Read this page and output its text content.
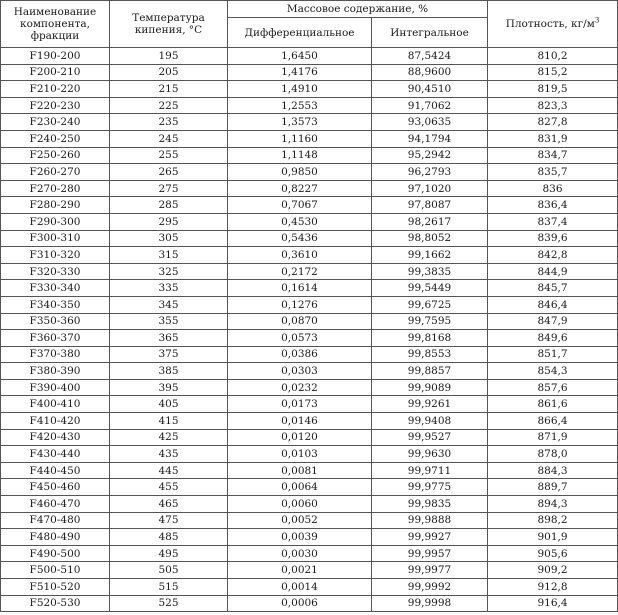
Наименование компонента, фракции	Температура кипения, °С	Массовое содержание, %		Плотность, $кг/м^3$
		Дифференциальное	Интегральное	
F190-200	195	1,6450	87,5424	810,2
F200-210	205	1,4176	88,9600	815,2
F210-220	215	1,4910	90,4510	819,5
F220-230	225	1,2553	91,7062	823,3
F230-240	235	1,3573	93,0635	827,8
F240-250	245	1,1160	94,1794	831,9
F250-260	255	1,1148	95,2942	834,7
F260-270	265	0,9850	96,2793	835,7
F270-280	275	0,8227	97,1020	836
F280-290	285	0,7067	97,8087	836,4
F290-300	295	0,4530	98,2617	837,4
F300-310	305	0,5436	98,8052	839,6
F310-320	315	0,3610	99,1662	842,8
F320-330	325	0,2172	99,3835	844,9
F330-340	335	0,1614	99,5449	845,7
F340-350	345	0,1276	99,6725	846,4
F350-360	355	0,0870	99,7595	847,9
F360-370	365	0,0573	99,8168	849,6
F370-380	375	0,0386	99,8553	851,7
F380-390	385	0,0303	99,8857	854,3
F390-400	395	0,0232	99,9089	857,6
F400-410	405	0,0173	99,9261	861,6
F410-420	415	0,0146	99,9408	866,4
F420-430	425	0,0120	99,9527	871,9
F430-440	435	0,0103	99,9630	878,0
F440-450	445	0,0081	99,9711	884,3
F450-460	455	0,0064	99,9775	889,7
F460-470	465	0,0060	99,9835	894,3
F470-480	475	0,0052	99,9888	898,2
F480-490	485	0,0039	99,9927	901,9
F490-500	495	0,0030	99,9957	905,6
F500-510	505	0,0021	99,9977	909,2
F510-520	515	0,0014	99,9992	912,8
F520-530	525	0,0006	99,9998	916,4
